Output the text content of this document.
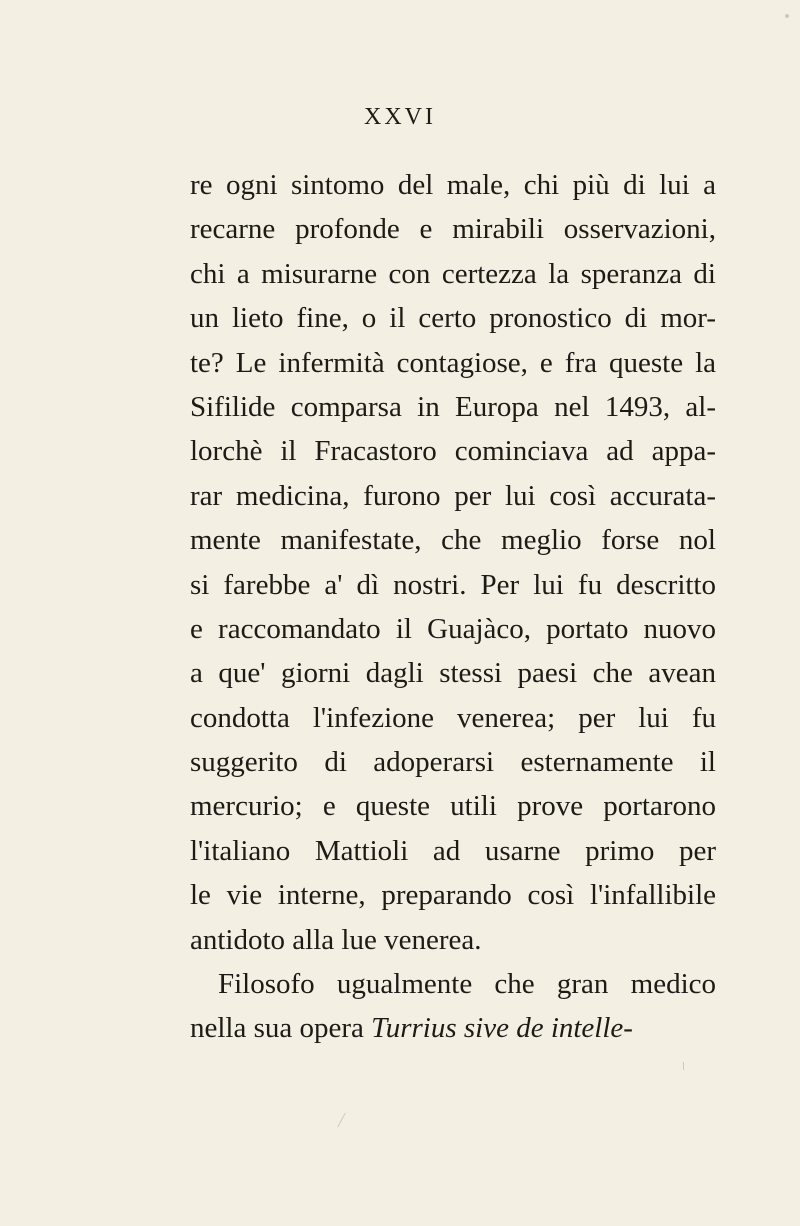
XXVI
re ogni sintomo del male, chi più di lui a
recarne profonde e mirabili osservazioni,
chi a misurarne con certezza la speranza di
un lieto fine, o il certo pronostico di mor-
te? Le infermità contagiose, e fra queste la
Sifilide comparsa in Europa nel 1493, al-
lorchè il Fracastoro cominciava ad appa-
rar medicina, furono per lui così accurata-
mente manifestate, che meglio forse nol
si farebbe a' dì nostri. Per lui fu descritto
e raccomandato il Guajàco, portato nuovo
a que' giorni dagli stessi paesi che avean
condotta l'infezione venerea; per lui fu
suggerito di adoperarsi esternamente il
mercurio; e queste utili prove portarono
l'italiano Mattioli ad usarne primo per
le vie interne, preparando così l'infallibile
antidoto alla lue venerea.
Filosofo ugualmente che gran medico
nella sua opera Turrius sive de intelle-
